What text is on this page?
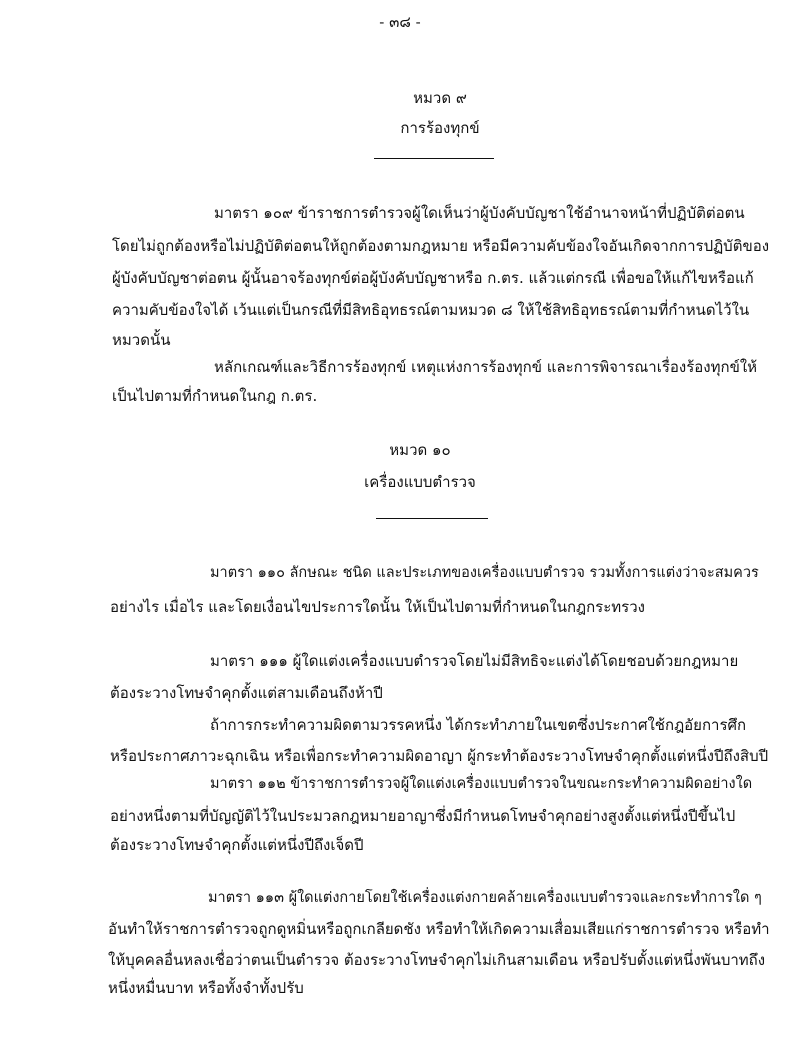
- ๓๘ -
หมวด ๙
การร้องทุกข์
มาตรา ๑๐๙ ข้าราชการตำรวจผู้ใดเห็นว่าผู้บังคับบัญชาใช้อำนาจหน้าที่ปฏิบัติต่อตน
โดยไม่ถูกต้องหรือไม่ปฏิบัติต่อตนให้ถูกต้องตามกฎหมาย หรือมีความคับข้องใจอันเกิดจากการปฏิบัติของ
ผู้บังคับบัญชาต่อตน ผู้นั้นอาจร้องทุกข์ต่อผู้บังคับบัญชาหรือ ก.ตร. แล้วแต่กรณี เพื่อขอให้แก้ไขหรือแก้
ความคับข้องใจได้ เว้นแต่เป็นกรณีที่มีสิทธิอุทธรณ์ตามหมวด ๘ ให้ใช้สิทธิอุทธรณ์ตามที่กำหนดไว้ใน
หมวดนั้น
หลักเกณฑ์และวิธีการร้องทุกข์ เหตุแห่งการร้องทุกข์ และการพิจารณาเรื่องร้องทุกข์ให้
เป็นไปตามที่กำหนดในกฎ ก.ตร.
หมวด ๑๐
เครื่องแบบตำรวจ
มาตรา ๑๑๐ ลักษณะ ชนิด และประเภทของเครื่องแบบตำรวจ รวมทั้งการแต่งว่าจะสมควร
อย่างไร เมื่อไร และโดยเงื่อนไขประการใดนั้น ให้เป็นไปตามที่กำหนดในกฎกระทรวง
มาตรา ๑๑๑ ผู้ใดแต่งเครื่องแบบตำรวจโดยไม่มีสิทธิจะแต่งได้โดยชอบด้วยกฎหมาย
ต้องระวางโทษจำคุกตั้งแต่สามเดือนถึงห้าปี
ถ้าการกระทำความผิดตามวรรคหนึ่ง ได้กระทำภายในเขตซึ่งประกาศใช้กฎอัยการศึก
หรือประกาศภาวะฉุกเฉิน หรือเพื่อกระทำความผิดอาญา ผู้กระทำต้องระวางโทษจำคุกตั้งแต่หนึ่งปีถึงสิบปี
มาตรา ๑๑๒ ข้าราชการตำรวจผู้ใดแต่งเครื่องแบบตำรวจในขณะกระทำความผิดอย่างใด
อย่างหนึ่งตามที่บัญญัติไว้ในประมวลกฎหมายอาญาซึ่งมีกำหนดโทษจำคุกอย่างสูงตั้งแต่หนึ่งปีขึ้นไป
ต้องระวางโทษจำคุกตั้งแต่หนึ่งปีถึงเจ็ดปี
มาตรา ๑๑๓ ผู้ใดแต่งกายโดยใช้เครื่องแต่งกายคล้ายเครื่องแบบตำรวจและกระทำการใด ๆ
อันทำให้ราชการตำรวจถูกดูหมิ่นหรือถูกเกลียดชัง หรือทำให้เกิดความเสื่อมเสียแก่ราชการตำรวจ หรือทำ
ให้บุคคลอื่นหลงเชื่อว่าตนเป็นตำรวจ ต้องระวางโทษจำคุกไม่เกินสามเดือน หรือปรับตั้งแต่หนึ่งพันบาทถึง
หนึ่งหมื่นบาท หรือทั้งจำทั้งปรับ
